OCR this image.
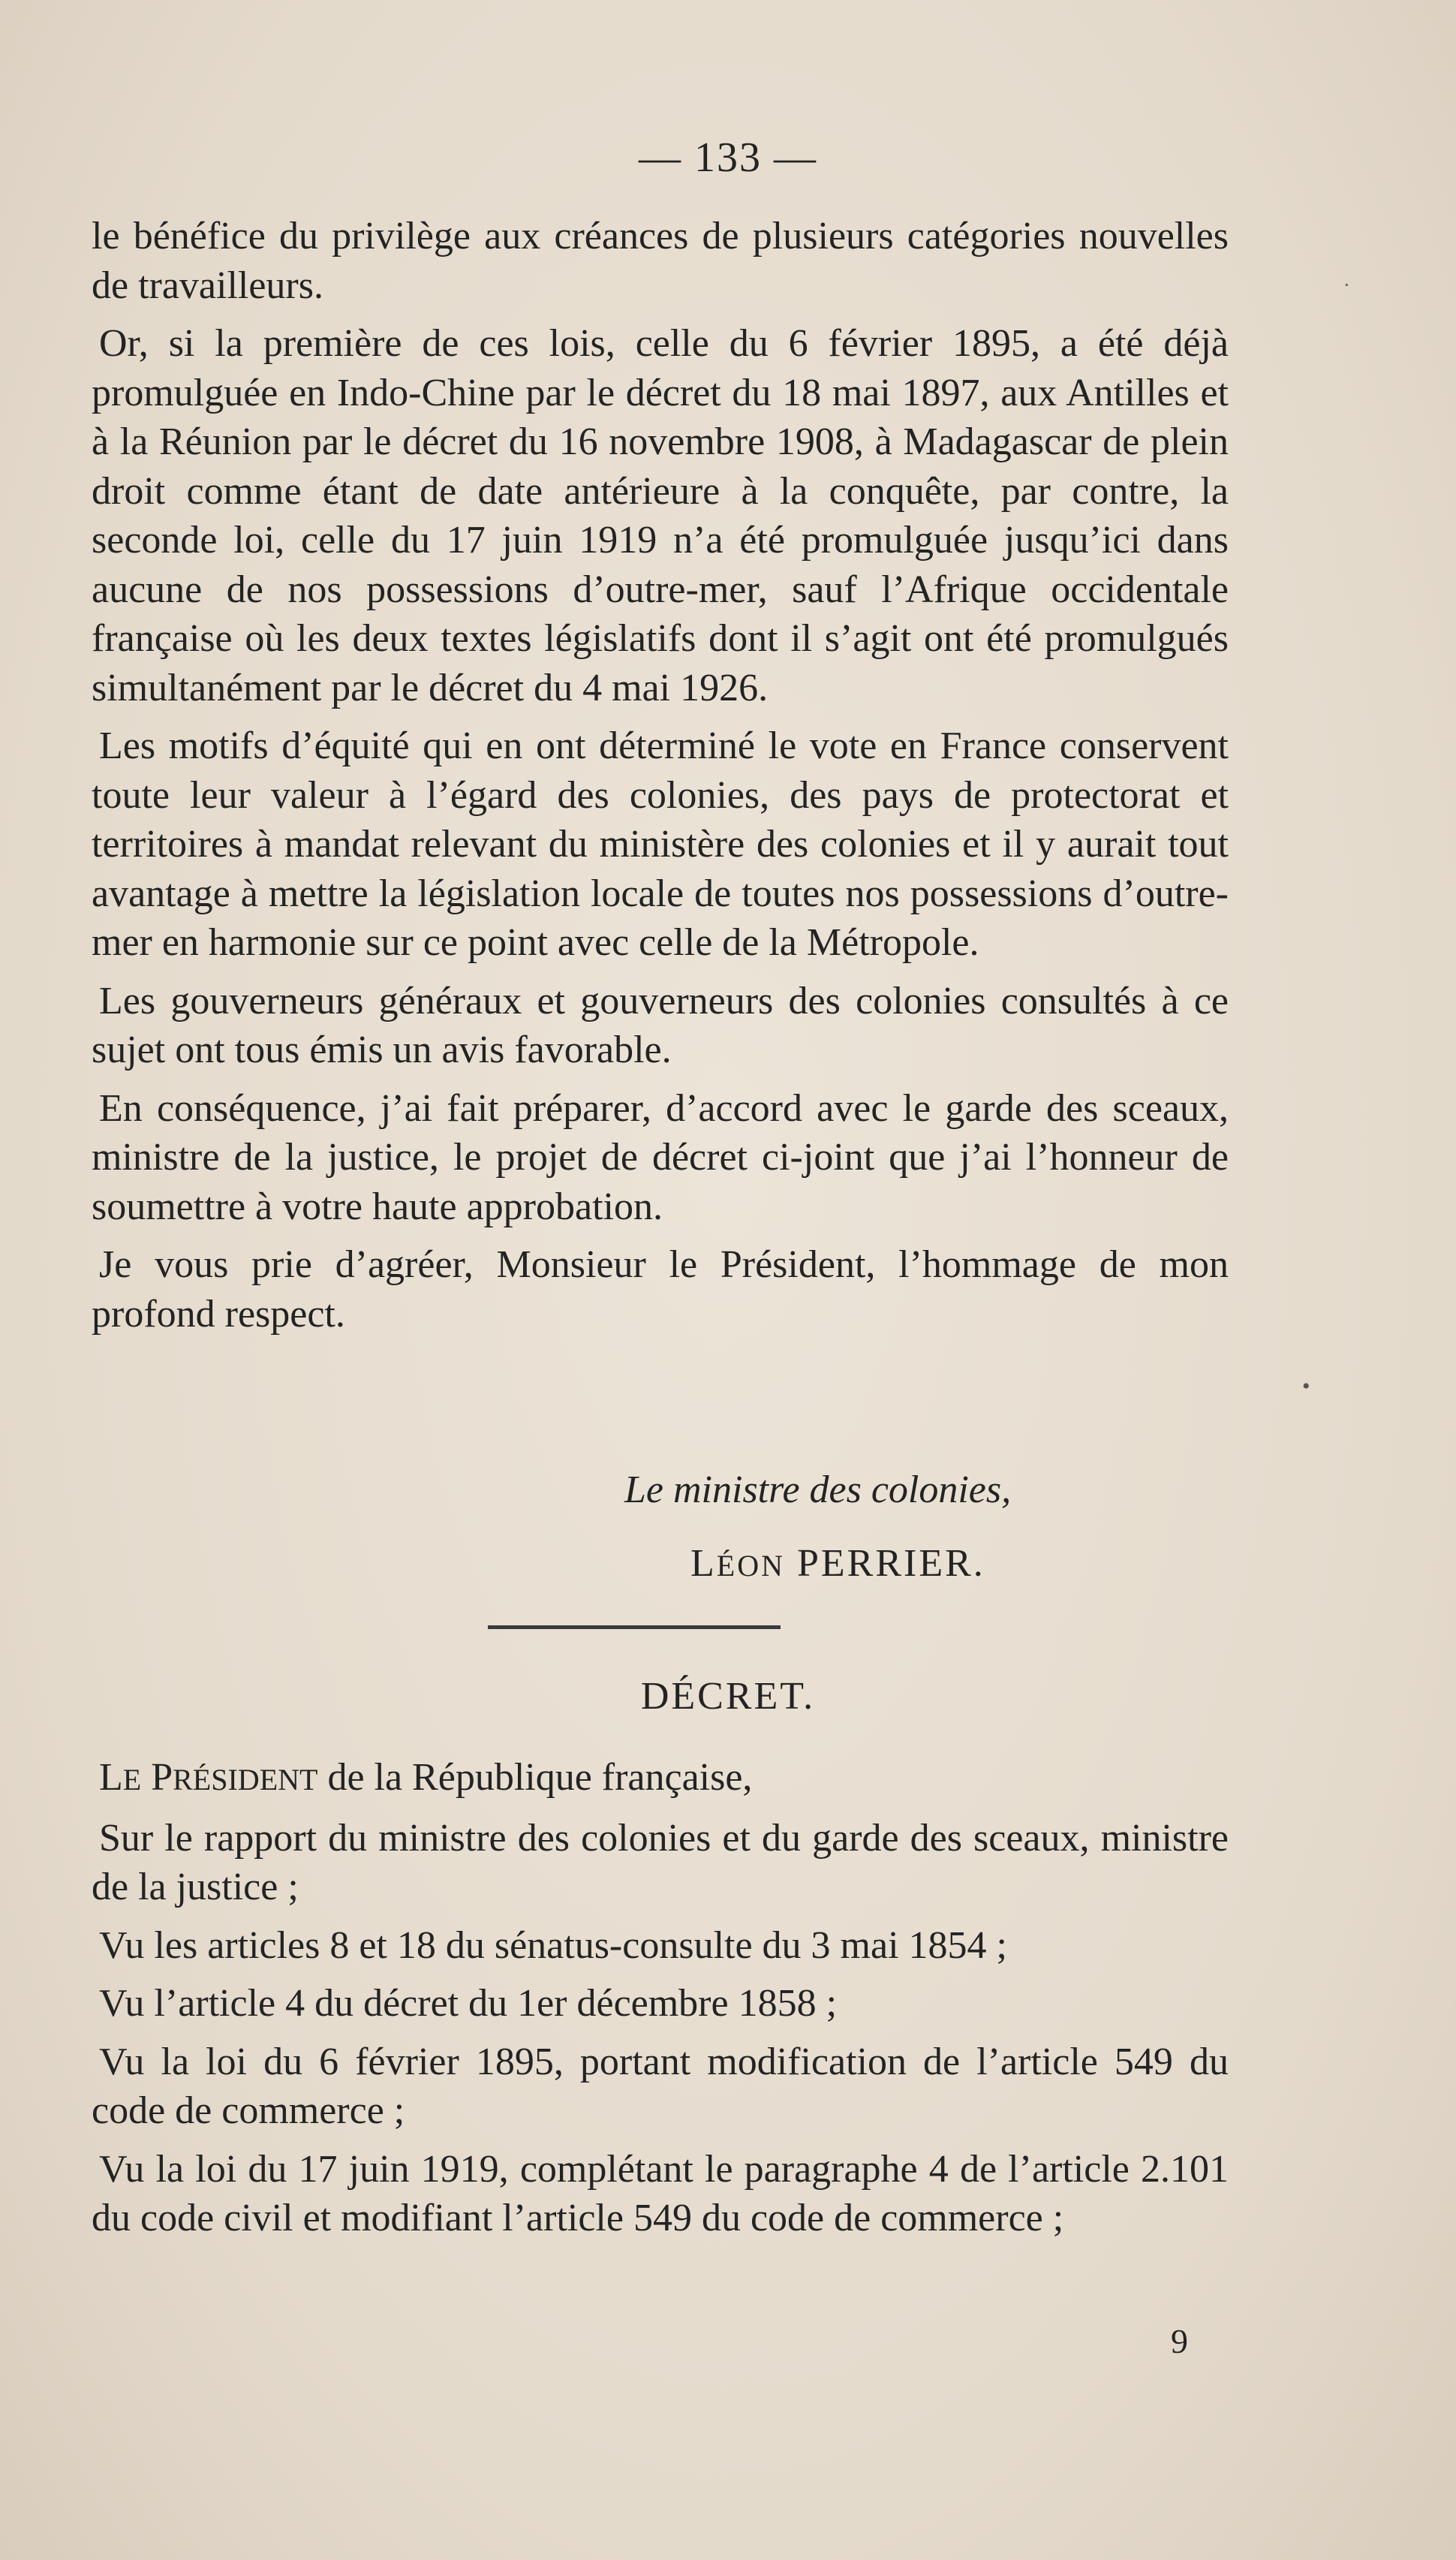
— 133 —

le bénéfice du privilège aux créances de plusieurs catégories nouvelles de travailleurs.

Or, si la première de ces lois, celle du 6 février 1895, a été déjà promulguée en Indo-Chine par le décret du 18 mai 1897, aux Antilles et à la Réunion par le décret du 16 novembre 1908, à Madagascar de plein droit comme étant de date antérieure à la conquête, par contre, la seconde loi, celle du 17 juin 1919 n’a été promulguée jusqu’ici dans aucune de nos possessions d’outre-mer, sauf l’Afrique occidentale française où les deux textes législatifs dont il s’agit ont été promulgués simultanément par le décret du 4 mai 1926.

Les motifs d’équité qui en ont déterminé le vote en France conservent toute leur valeur à l’égard des colonies, des pays de protectorat et territoires à mandat relevant du ministère des colonies et il y aurait tout avantage à mettre la législation locale de toutes nos possessions d’outre-mer en harmonie sur ce point avec celle de la Métropole.

Les gouverneurs généraux et gouverneurs des colonies consultés à ce sujet ont tous émis un avis favorable.

En conséquence, j’ai fait préparer, d’accord avec le garde des sceaux, ministre de la justice, le projet de décret ci-joint que j’ai l’honneur de soumettre à votre haute approbation.

Je vous prie d’agréer, Monsieur le Président, l’hommage de mon profond respect.

Le ministre des colonies,
LÉON PERRIER.
DÉCRET.

LE PRÉSIDENT de la République française,

Sur le rapport du ministre des colonies et du garde des sceaux, ministre de la justice ;

Vu les articles 8 et 18 du sénatus-consulte du 3 mai 1854 ;

Vu l’article 4 du décret du 1er décembre 1858 ;

Vu la loi du 6 février 1895, portant modification de l’article 549 du code de commerce ;

Vu la loi du 17 juin 1919, complétant le paragraphe 4 de l’article 2.101 du code civil et modifiant l’article 549 du code de commerce ;

9
•
·
